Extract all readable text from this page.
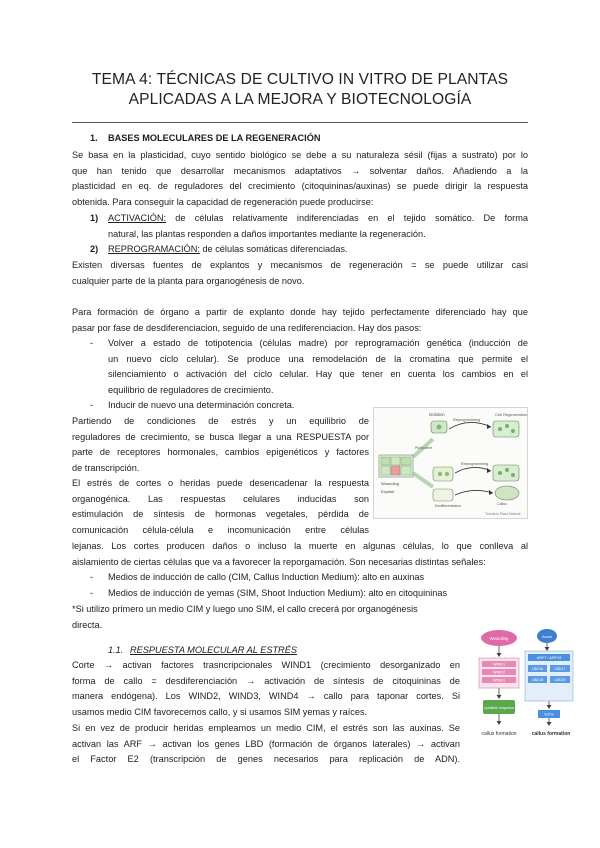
TEMA 4: TÉCNICAS DE CULTIVO IN VITRO DE PLANTAS
APLICADAS A LA MEJORA Y BIOTECNOLOGÍA
1. BASES MOLECULARES DE LA REGENERACIÓN
Se basa en la plasticidad, cuyo sentido biológico se debe a su naturaleza sésil (fijas a sustrato) por lo
que han tenido que desarrollar mecanismos adaptativos → solventar daños. Añadiendo a la
plasticidad en eq. de reguladores del crecimiento (citoquininas/auxinas) se puede dirigir la respuesta
obtenida. Para conseguir la capacidad de regeneración puede producirse:
1) ACTIVACIÓN: de células relativamente indiferenciadas en el tejido somático. De forma
natural, las plantas responden a daños importantes mediante la regeneración.
2) REPROGRAMACIÓN: de células somáticas diferenciadas.
Existen diversas fuentes de explantos y mecanismos de regeneración = se puede utilizar casi
cualquier parte de la planta para organogénesis de novo.
Para formación de órgano a partir de explanto donde hay tejido perfectamente diferenciado hay que
pasar por fase de desdiferenciacion, seguido de una rediferenciacion. Hay dos pasos:
- Volver a estado de totipotencia (células madre) por reprogramación genética (inducción de
un nuevo ciclo celular). Se produce una remodelación de la cromatina que permite el
silenciamiento o activación del ciclo celular. Hay que tener en cuenta los cambios en el
equilibrio de reguladores de crecimiento.
- Inducir de nuevo una determinación concreta.
Partiendo de condiciones de estrés y un equilibrio de
reguladores de crecimiento, se busca llegar a una RESPUESTA por
parte de receptores hormonales, cambios epigenéticos y factores
de transcripción.
El estrés de cortes o heridas puede desencadenar la respuesta
organogénica. Las respuestas celulares inducidas son
estimulación de síntesis de hormonas vegetales, pérdida de
comunicación célula-célula e incomunicación entre células
lejanas. Los cortes producen daños o incluso la muerte en algunas células, lo que conlleva al
aislamiento de ciertas células que va a favorecer la reporgamación. Son necesarias distintas señales:
- Medios de inducción de callo (CIM, Callus Induction Medium): alto en auxinas
- Medios de inducción de yemas (SIM, Shoot Induction Medium): alto en citoquininas
*Si utilizo primero un medio CIM y luego uno SIM, el callo crecerá por organogénesis
directa.
1.1. RESPUESTA MOLECULAR AL ESTRÉS
Corte → activan factores trasncripcionales WIND1 (crecimiento desorganizado en
forma de callo = desdiferenciación → activación de síntesis de citoquininas de
manera endógena). Los WIND2, WIND3, WIND4 → callo para taponar cortes. Si
usamos medio CIM favorecemos callo, y si usamos SIM yemas y raíces.
Si en vez de producir heridas empleamos un medio CIM, el estrés son las auxinas. Se
activan las ARF → activan los genes LBD (formación de órganos laterales) → activan
el Factor E2 (transcripción de genes necesarios para replicación de ADN).
Isolation
Reprogramming
Cell Regeneration
Wounding
Explant
Pluripotent
Reprogramming
Dedifferentiation	Callus
Trends in Plant Science
Wounding
WIND1
WIND2
WIND3
cytokinin response
callus formation
Auxin
ARF7 / ARF19
LBD16	LBD17
LBD18	LBD29
E2Fa
callus formation
